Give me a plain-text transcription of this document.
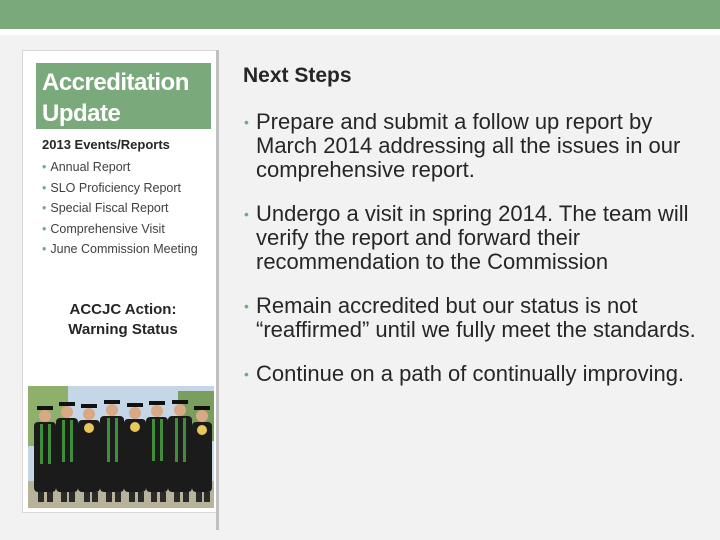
Accreditation Update
2013 Events/Reports
• Annual Report
• SLO Proficiency Report
• Special Fiscal Report
• Comprehensive Visit
• June Commission Meeting
ACCJC Action:
Warning Status
Next Steps
• Prepare and submit a follow up report by March 2014 addressing all the issues in our comprehensive report.
• Undergo a visit in spring 2014. The team will verify the report and forward their recommendation to the Commission
• Remain accredited but our status is not “reaffirmed” until we fully meet the standards.
• Continue on a path of continually improving.
